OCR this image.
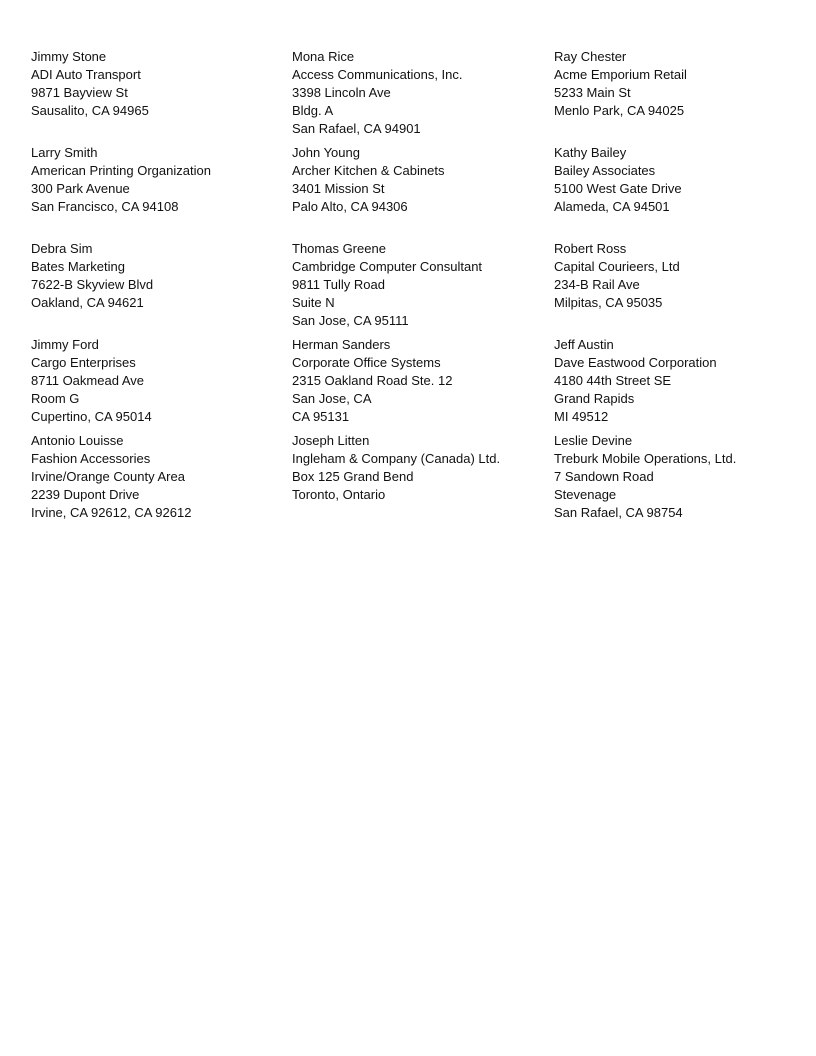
Jimmy Stone
ADI Auto Transport
9871 Bayview St
Sausalito, CA 94965
Mona Rice
Access Communications, Inc.
3398 Lincoln Ave
Bldg. A
San Rafael, CA 94901
Ray Chester
Acme Emporium Retail
5233 Main St
Menlo Park, CA 94025
Larry Smith
American Printing Organization
300 Park Avenue
San Francisco, CA 94108
John Young
Archer Kitchen & Cabinets
3401 Mission St
Palo Alto, CA 94306
Kathy Bailey
Bailey Associates
5100 West Gate Drive
Alameda, CA 94501
Debra Sim
Bates Marketing
7622-B Skyview Blvd
Oakland, CA 94621
Thomas Greene
Cambridge Computer Consultant
9811 Tully Road
Suite N
San Jose, CA 95111
Robert Ross
Capital Courieers, Ltd
234-B Rail Ave
Milpitas, CA 95035
Jimmy Ford
Cargo Enterprises
8711 Oakmead Ave
Room G
Cupertino, CA 95014
Herman Sanders
Corporate Office Systems
2315 Oakland Road Ste. 12
San Jose, CA
CA 95131
Jeff Austin
Dave Eastwood Corporation
4180 44th Street SE
Grand Rapids
MI 49512
Antonio Louisse
Fashion Accessories
Irvine/Orange County Area
2239 Dupont Drive
Irvine, CA 92612, CA 92612
Joseph Litten
Ingleham & Company (Canada) Ltd.
Box 125 Grand Bend
Toronto, Ontario
Leslie Devine
Treburk Mobile Operations, Ltd.
7 Sandown Road
Stevenage
San Rafael, CA 98754
